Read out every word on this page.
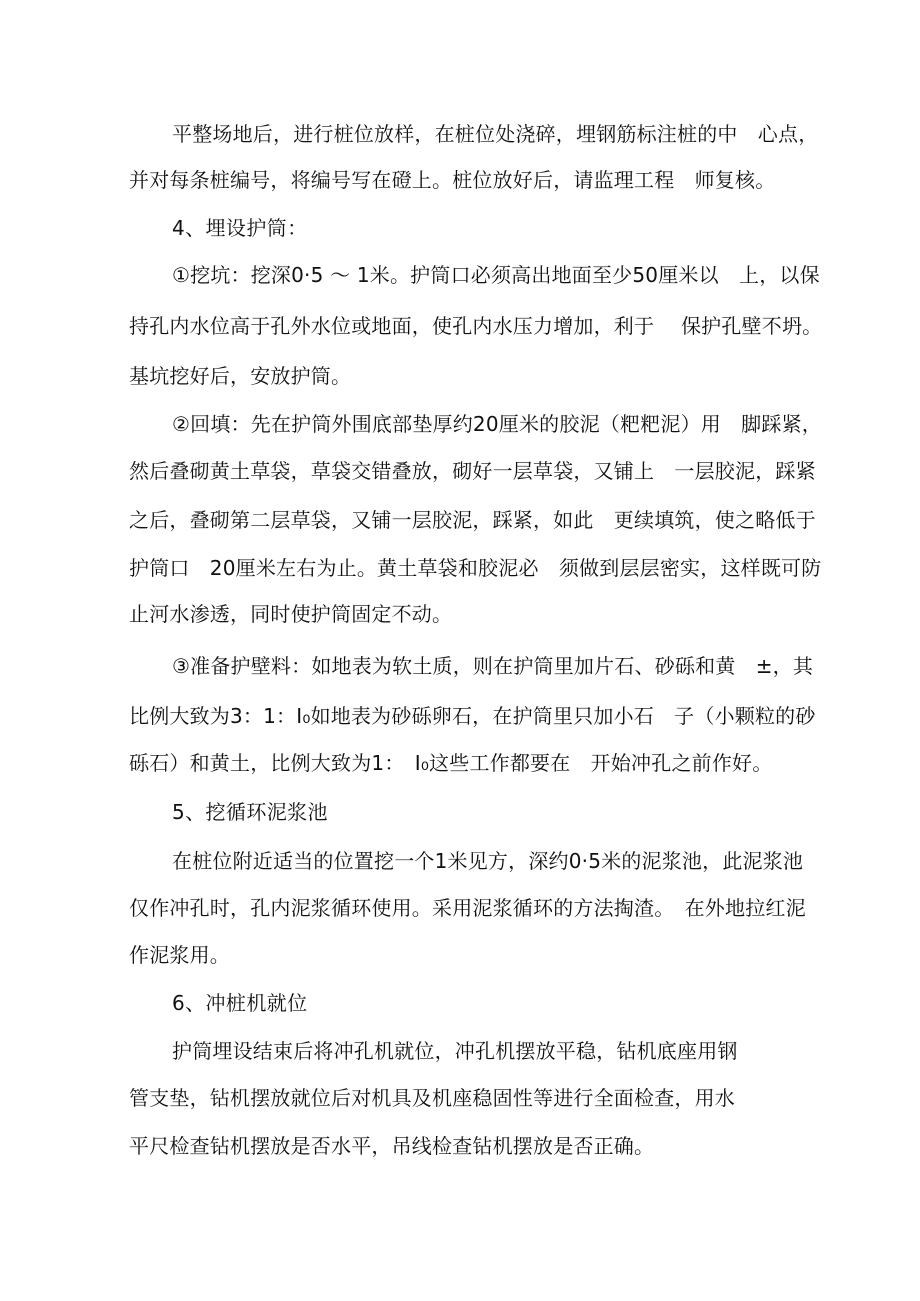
平整场地后，进行桩位放样，在桩位处浇碎，埋钢筋标注桩的中　心点，
并对每条桩编号，将编号写在磴上。桩位放好后，请监理工程　师复核。
4、埋设护筒：
①挖坑：挖深0·5 ～ 1米。护筒口必须高出地面至少50厘米以　上，以保
持孔内水位高于孔外水位或地面，使孔内水压力增加，利于　 保护孔壁不坍。
基坑挖好后，安放护筒。
②回填：先在护筒外围底部垫厚约20厘米的胶泥（粑粑泥）用　脚踩紧，
然后叠砌黄土草袋，草袋交错叠放，砌好一层草袋，又铺上　一层胶泥，踩紧
之后，叠砌第二层草袋，又铺一层胶泥，踩紧，如此　更续填筑，使之略低于
护筒口　20厘米左右为止。黄土草袋和胶泥必　须做到层层密实，这样既可防
止河水渗透，同时使护筒固定不动。
③准备护壁料：如地表为软土质，则在护筒里加片石、砂砾和黄　±，其
比例大致为3：1：I₀如地表为砂砾卵石，在护筒里只加小石　子（小颗粒的砂
砾石）和黄土，比例大致为1：　I₀这些工作都要在　开始冲孔之前作好。
5、挖循环泥浆池
在桩位附近适当的位置挖一个1米见方，深约0·5米的泥浆池，此泥浆池
仅作冲孔时，孔内泥浆循环使用。采用泥浆循环的方法掏渣。　在外地拉红泥
作泥浆用。
6、冲桩机就位
护筒埋设结束后将冲孔机就位，冲孔机摆放平稳，钻机底座用钢
管支垫，钻机摆放就位后对机具及机座稳固性等进行全面检查，用水
平尺检查钻机摆放是否水平，吊线检查钻机摆放是否正确。
